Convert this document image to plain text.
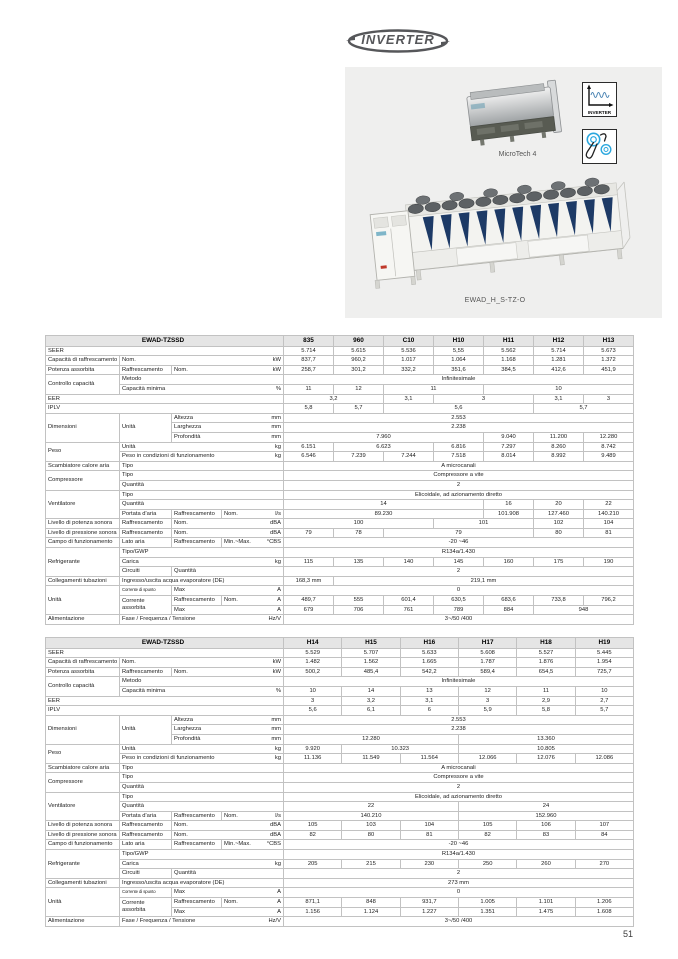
INVERTER
MicroTech 4
INVERTER
EWAD_H_S-TZ-O
EWAD-TZSSD				835	960	C10	H10	H11	H12	H13
SEER				5.714	5.615	5.536	5,55	5.562	5.714	5.673
Capacità di raffrescamento	Nom. kW			837,7	960,2	1.017	1.064	1.168	1.281	1.372
Potenza assorbita	Raffrescamento	Nom. kW		258,7	301,2	332,2	351,6	384,5	412,6	451,9
Controllo capacità	Metodo			Infinitesimale						

	Capacità minima %			11	12	11		10		
EER				3,2		3,1	3		3,1	3
IPLV				5,8	5,7	5,6			5,7	
Dimensioni	Unità	Altezza mm		2.553						

		Larghezza mm		2.238						

		Profondità mm		7.960				9.040	11.200	12.280
Peso	Unità kg			6.151	6.623		6.816	7.297	8.260	8.742

	Peso in condizioni di funzionamento kg			6.546	7.239	7.244	7.518	8.014	8.992	9.489
Scambiatore calore aria	Tipo			A microcanali						
Compressore	Tipo			Compressore a vite						
	Quantità			2						
Ventilatore	Tipo			Elicoidale, ad azionamento diretto						
	Quantità			14				16	20	22
	Portata d'aria	Raffrescamento	Nom. l/s	89.230				101.908	127.460	140.210
Livello di potenza sonora	Raffrescamento	Nom. dBA		100			101		102	104
Livello di pressione sonora	Raffrescamento	Nom. dBA		79	78	79			80	81
Campo di funzionamento	Lato aria	Raffrescamento	Min.~Max. °CBS	-20 ~46						
Refrigerante	Tipo/GWP			R134a/1.430						

	Carica kg			115	135	140	145	160	175	190
	Circuiti	Quantità		2						
Collegamenti tubazioni	Ingresso/uscita acqua evaporatore (DE)			168,3 mm	219,1 mm					
Unità	Corrente di spunto	Max A		0						
	Corrente assorbita	Raffrescamento	Nom. A	489,7	555	601,4	630,5	683,6	733,8	796,2

		Max A		679	706	761	789	884	948	
Alimentazione	Fase / Frequenza / Tensione Hz/V			3~/50 /400						
EWAD-TZSSD				H14	H15	H16	H17	H18	H19
SEER				5.529	5.707	5.633	5.608	5.527	5.445
Capacità di raffrescamento	Nom. kW			1.482	1.562	1.665	1.787	1.876	1.954
Potenza assorbita	Raffrescamento	Nom. kW		500,2	485,4	542,2	589,4	654,5	725,7
Controllo capacità	Metodo			Infinitesimale					

	Capacità minima %			10	14	13	12	11	10
EER				3	3,2	3,1	3	2,9	2,7
IPLV				5,6	6,1	6	5,9	5,8	5,7
Dimensioni	Unità	Altezza mm		2.553					

		Larghezza mm		2.238					

		Profondità mm		12.280			13.360		
Peso	Unità kg			9.920	10.323		10.805		

	Peso in condizioni di funzionamento kg			11.136	11.549	11.564	12.066	12.076	12.086
Scambiatore calore aria	Tipo			A microcanali					
Compressore	Tipo			Compressore a vite					
	Quantità			2					
Ventilatore	Tipo			Elicoidale, ad azionamento diretto					
	Quantità			22			24		
	Portata d'aria	Raffrescamento	Nom. l/s	140.210			152.960		
Livello di potenza sonora	Raffrescamento	Nom. dBA		105	103	104	105	106	107
Livello di pressione sonora	Raffrescamento	Nom. dBA		82	80	81	82	83	84
Campo di funzionamento	Lato aria	Raffrescamento	Min.~Max. °CBS	-20 ~46					
Refrigerante	Tipo/GWP			R134a/1.430					

	Carica kg			205	215	230	250	260	270
	Circuiti	Quantità		2					
Collegamenti tubazioni	Ingresso/uscita acqua evaporatore (DE)			273 mm					
Unità	Corrente di spunto	Max A		0					
	Corrente assorbita	Raffrescamento	Nom. A	871,1	848	931,7	1.005	1.101	1.206

		Max A		1.156	1.124	1.227	1.351	1.475	1.608
Alimentazione	Fase / Frequenza / Tensione Hz/V			3~/50 /400					
51
